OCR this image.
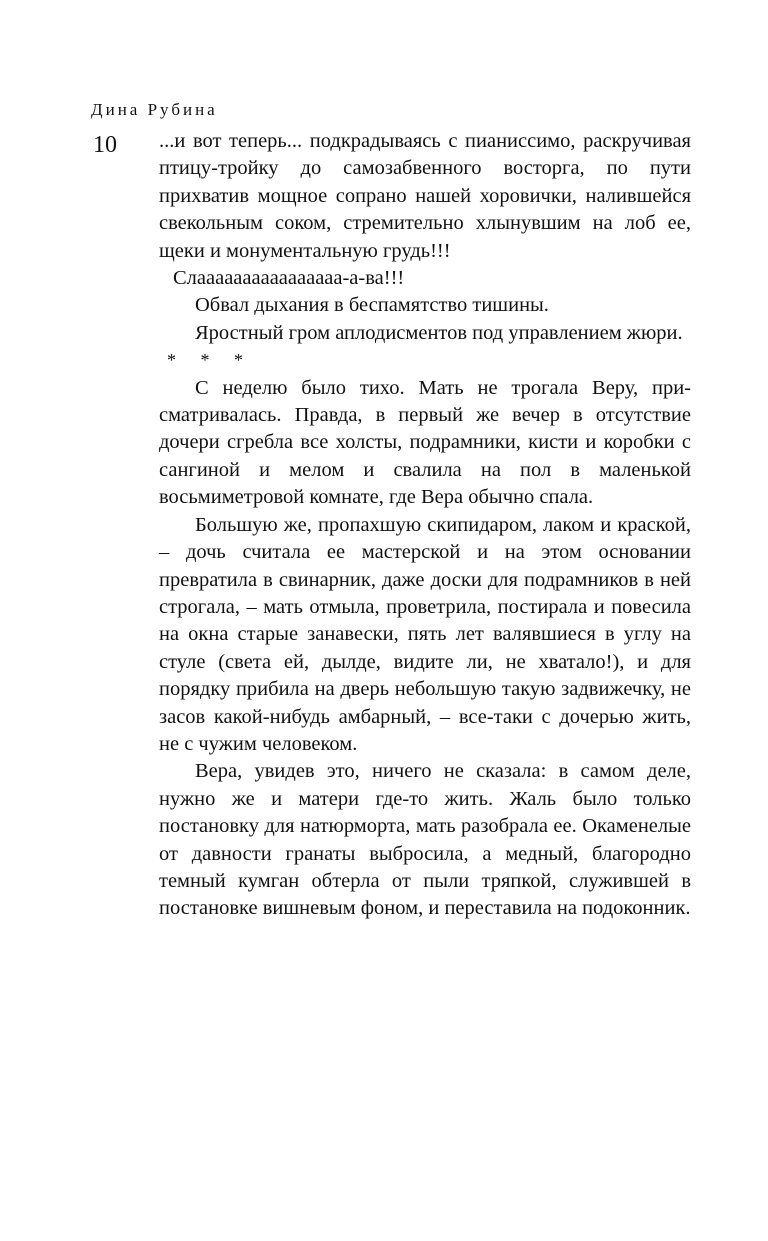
Дина Рубина
10 ...и вот теперь... подкрадываясь с пианиссимо, раскручивая птицу-тройку до самозабвенного восторга, по пути прихватив мощное сопрано нашей хоровички, налившейся свекольным соком, стремительно хлынувшим на лоб ее, щеки и монументальную грудь!!!

Слаааааааааааааааа-а-ва!!!

Обвал дыхания в беспамятство тишины.

Яростный гром аплодисментов под управлением жюри.

* * *

С неделю было тихо. Мать не трогала Веру, присматривалась. Правда, в первый же вечер в отсутствие дочери сгребла все холсты, подрамники, кисти и коробки с сангиной и мелом и свалила на пол в маленькой восьмиметровой комнате, где Вера обычно спала.

Большую же, пропахшую скипидаром, лаком и краской, – дочь считала ее мастерской и на этом основании превратила в свинарник, даже доски для подрамников в ней строгала, – мать отмыла, проветрила, постирала и повесила на окна старые занавески, пять лет валявшиеся в углу на стуле (света ей, дылде, видите ли, не хватало!), и для порядку прибила на дверь небольшую такую задвижечку, не засов какой-нибудь амбарный, – все-таки с дочерью жить, не с чужим человеком.

Вера, увидев это, ничего не сказала: в самом деле, нужно же и матери где-то жить. Жаль было только постановку для натюрморта, мать разобрала ее. Окаменелые от давности гранаты выбросила, а медный, благородно темный кумган обтерла от пыли тряпкой, служившей в постановке вишневым фоном, и переставила на подоконник.
